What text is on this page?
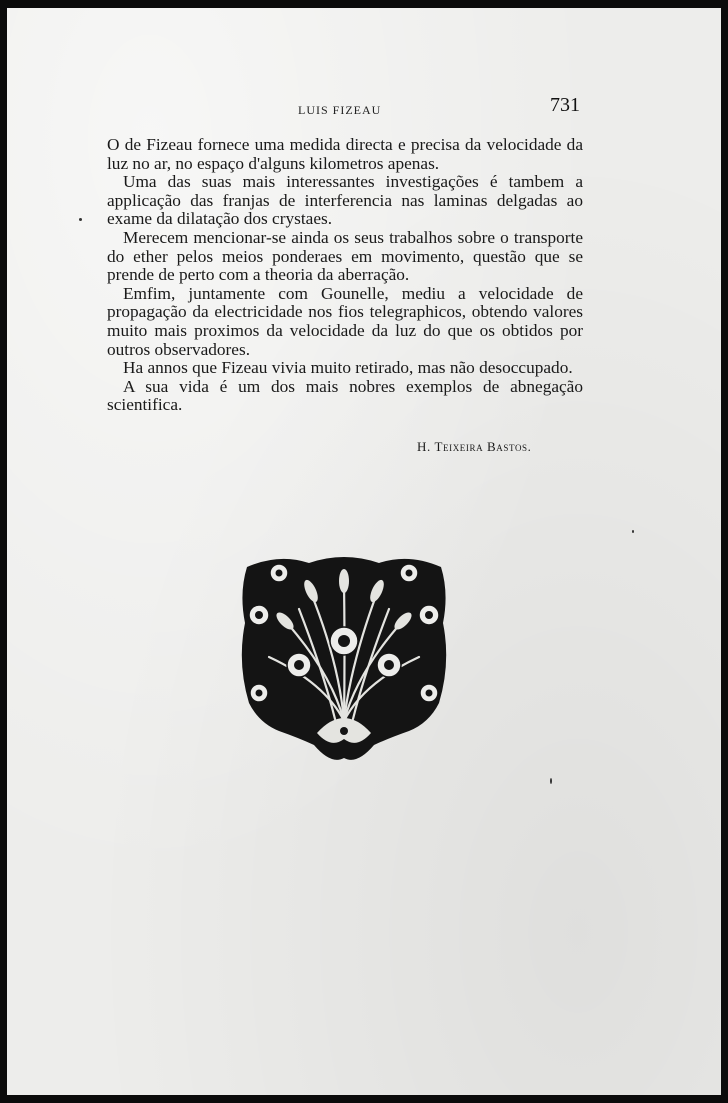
LUIS FIZEAU	731

O de Fizeau fornece uma medida directa e precisa da velocidade da luz no ar, no espaço d'alguns kilometros apenas.

Uma das suas mais interessantes investigações é tambem a applicação das franjas de interferencia nas laminas delgadas ao exame da dilatação dos crystaes.

Merecem mencionar-se ainda os seus trabalhos sobre o transporte do ether pelos meios ponderaes em movimento, questão que se prende de perto com a theoria da aberração.

Emfim, juntamente com Gounelle, mediu a velocidade de propagação da electricidade nos fios telegraphicos, obtendo valores muito mais proximos da velocidade da luz do que os obtidos por outros observadores.

Ha annos que Fizeau vivia muito retirado, mas não desoccupado.

A sua vida é um dos mais nobres exemplos de abnegação scientifica.

H. Teixeira Bastos.
